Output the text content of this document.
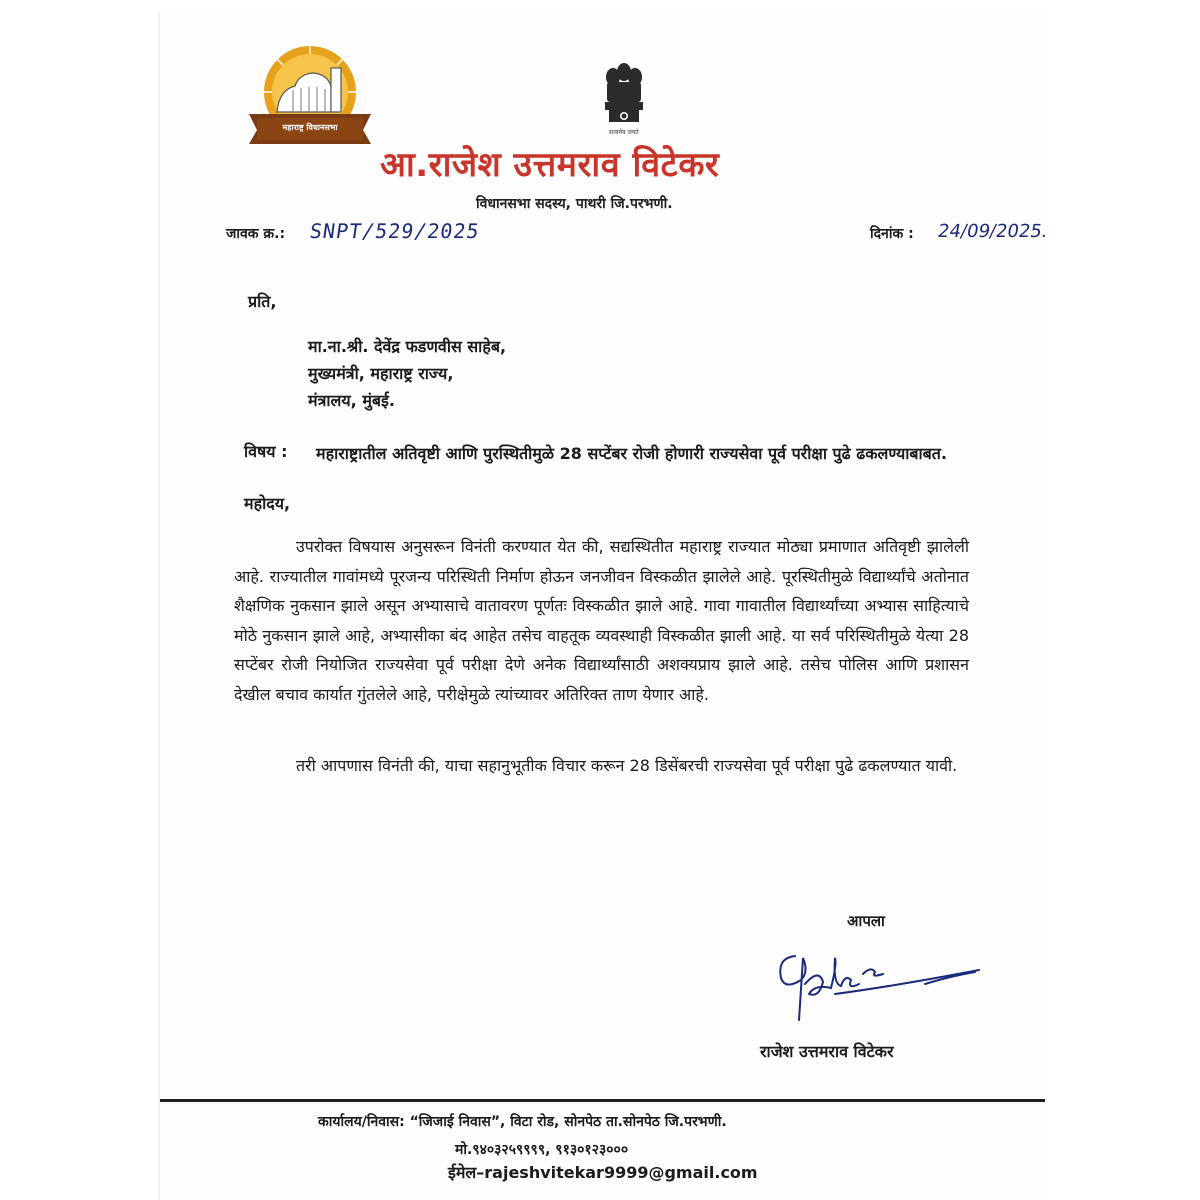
महाराष्ट्र विधानसभा
सत्यमेव जयते
आ.राजेश उत्तमराव विटेकर
विधानसभा सदस्य, पाथरी जि.परभणी.
जावक क्र.: SNPT/529/2025	दिनांक : 24/09/2025.
प्रति,
मा.ना.श्री. देवेंद्र फडणवीस साहेब,
मुख्यमंत्री, महाराष्ट्र राज्य,
मंत्रालय, मुंबई.
विषय : महाराष्ट्रातील अतिवृष्टी आणि पुरस्थितीमुळे 28 सप्टेंबर रोजी होणारी राज्यसेवा पूर्व परीक्षा पुढे ढकलण्याबाबत.
महोदय,
उपरोक्त विषयास अनुसरून विनंती करण्यात येत की, सद्यस्थितीत महाराष्ट्र राज्यात मोठ्या प्रमाणात अतिवृष्टी झालेली आहे. राज्यातील गावांमध्ये पूरजन्य परिस्थिती निर्माण होऊन जनजीवन विस्कळीत झालेले आहे. पूरस्थितीमुळे विद्यार्थ्यांचे अतोनात शैक्षणिक नुकसान झाले असून अभ्यासाचे वातावरण पूर्णतः विस्कळीत झाले आहे. गावा गावातील विद्यार्थ्यांच्या अभ्यास साहित्याचे मोठे नुकसान झाले आहे, अभ्यासीका बंद आहेत तसेच वाहतूक व्यवस्थाही विस्कळीत झाली आहे. या सर्व परिस्थितीमुळे येत्या 28 सप्टेंबर रोजी नियोजित राज्यसेवा पूर्व परीक्षा देणे अनेक विद्यार्थ्यांसाठी अशक्यप्राय झाले आहे. तसेच पोलिस आणि प्रशासन देखील बचाव कार्यात गुंतलेले आहे, परीक्षेमुळे त्यांच्यावर अतिरिक्त ताण येणार आहे.
तरी आपणास विनंती की, याचा सहानुभूतीक विचार करून 28 डिसेंबरची राज्यसेवा पूर्व परीक्षा पुढे ढकलण्यात यावी.
आपला
राजेश उत्तमराव विटेकर
कार्यालय/निवास: “जिजाई निवास”, विटा रोड, सोनपेठ ता.सोनपेठ जि.परभणी.
मो.९४०३२५९९९९, ९१३०१२३०००
ईमेल–rajeshvitekar9999@gmail.com
